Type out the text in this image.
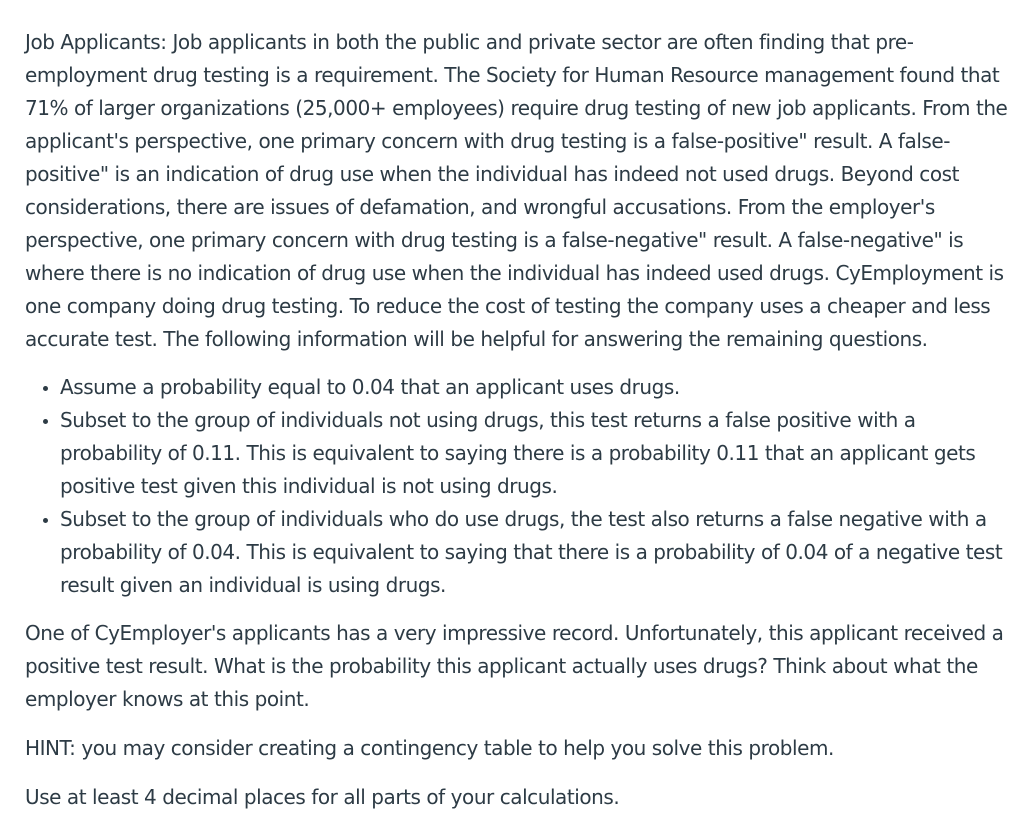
Job Applicants: Job applicants in both the public and private sector are often finding that pre-employment drug testing is a requirement. The Society for Human Resource management found that 71% of larger organizations (25,000+ employees) require drug testing of new job applicants. From the applicant's perspective, one primary concern with drug testing is a false-positive" result. A false-positive" is an indication of drug use when the individual has indeed not used drugs. Beyond cost considerations, there are issues of defamation, and wrongful accusations. From the employer's perspective, one primary concern with drug testing is a false-negative" result. A false-negative" is where there is no indication of drug use when the individual has indeed used drugs. CyEmployment is one company doing drug testing. To reduce the cost of testing the company uses a cheaper and less accurate test. The following information will be helpful for answering the remaining questions.

• Assume a probability equal to 0.04 that an applicant uses drugs.
• Subset to the group of individuals not using drugs, this test returns a false positive with a probability of 0.11. This is equivalent to saying there is a probability 0.11 that an applicant gets positive test given this individual is not using drugs.
• Subset to the group of individuals who do use drugs, the test also returns a false negative with a probability of 0.04. This is equivalent to saying that there is a probability of 0.04 of a negative test result given an individual is using drugs.

One of CyEmployer's applicants has a very impressive record. Unfortunately, this applicant received a positive test result. What is the probability this applicant actually uses drugs? Think about what the employer knows at this point.

HINT: you may consider creating a contingency table to help you solve this problem.

Use at least 4 decimal places for all parts of your calculations.
